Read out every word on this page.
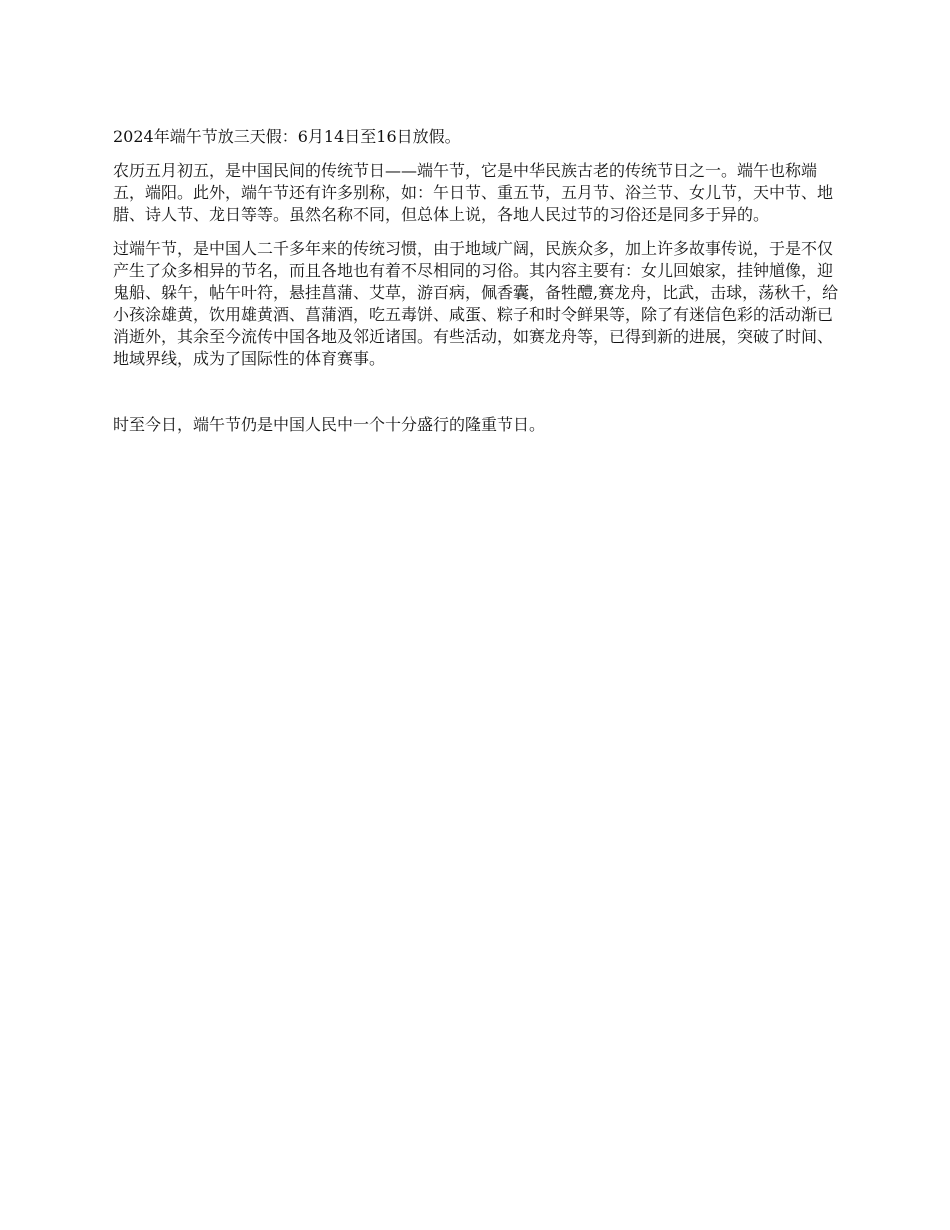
2024年端午节放三天假：6月14日至16日放假。

农历五月初五，是中国民间的传统节日——端午节，它是中华民族古老的传统节日之一。端午也称端五，端阳。此外，端午节还有许多别称，如：午日节、重五节，五月节、浴兰节、女儿节，天中节、地腊、诗人节、龙日等等。虽然名称不同，但总体上说，各地人民过节的习俗还是同多于异的。

过端午节，是中国人二千多年来的传统习惯，由于地域广阔，民族众多，加上许多故事传说，于是不仅产生了众多相异的节名，而且各地也有着不尽相同的习俗。其内容主要有：女儿回娘家，挂钟馗像，迎鬼船、躲午，帖午叶符，悬挂菖蒲、艾草，游百病，佩香囊，备牲醴,赛龙舟，比武，击球，荡秋千，给小孩涂雄黄，饮用雄黄酒、菖蒲酒，吃五毒饼、咸蛋、粽子和时令鲜果等，除了有迷信色彩的活动渐已消逝外，其余至今流传中国各地及邻近诸国。有些活动，如赛龙舟等，已得到新的进展，突破了时间、地域界线，成为了国际性的体育赛事。

时至今日，端午节仍是中国人民中一个十分盛行的隆重节日。
